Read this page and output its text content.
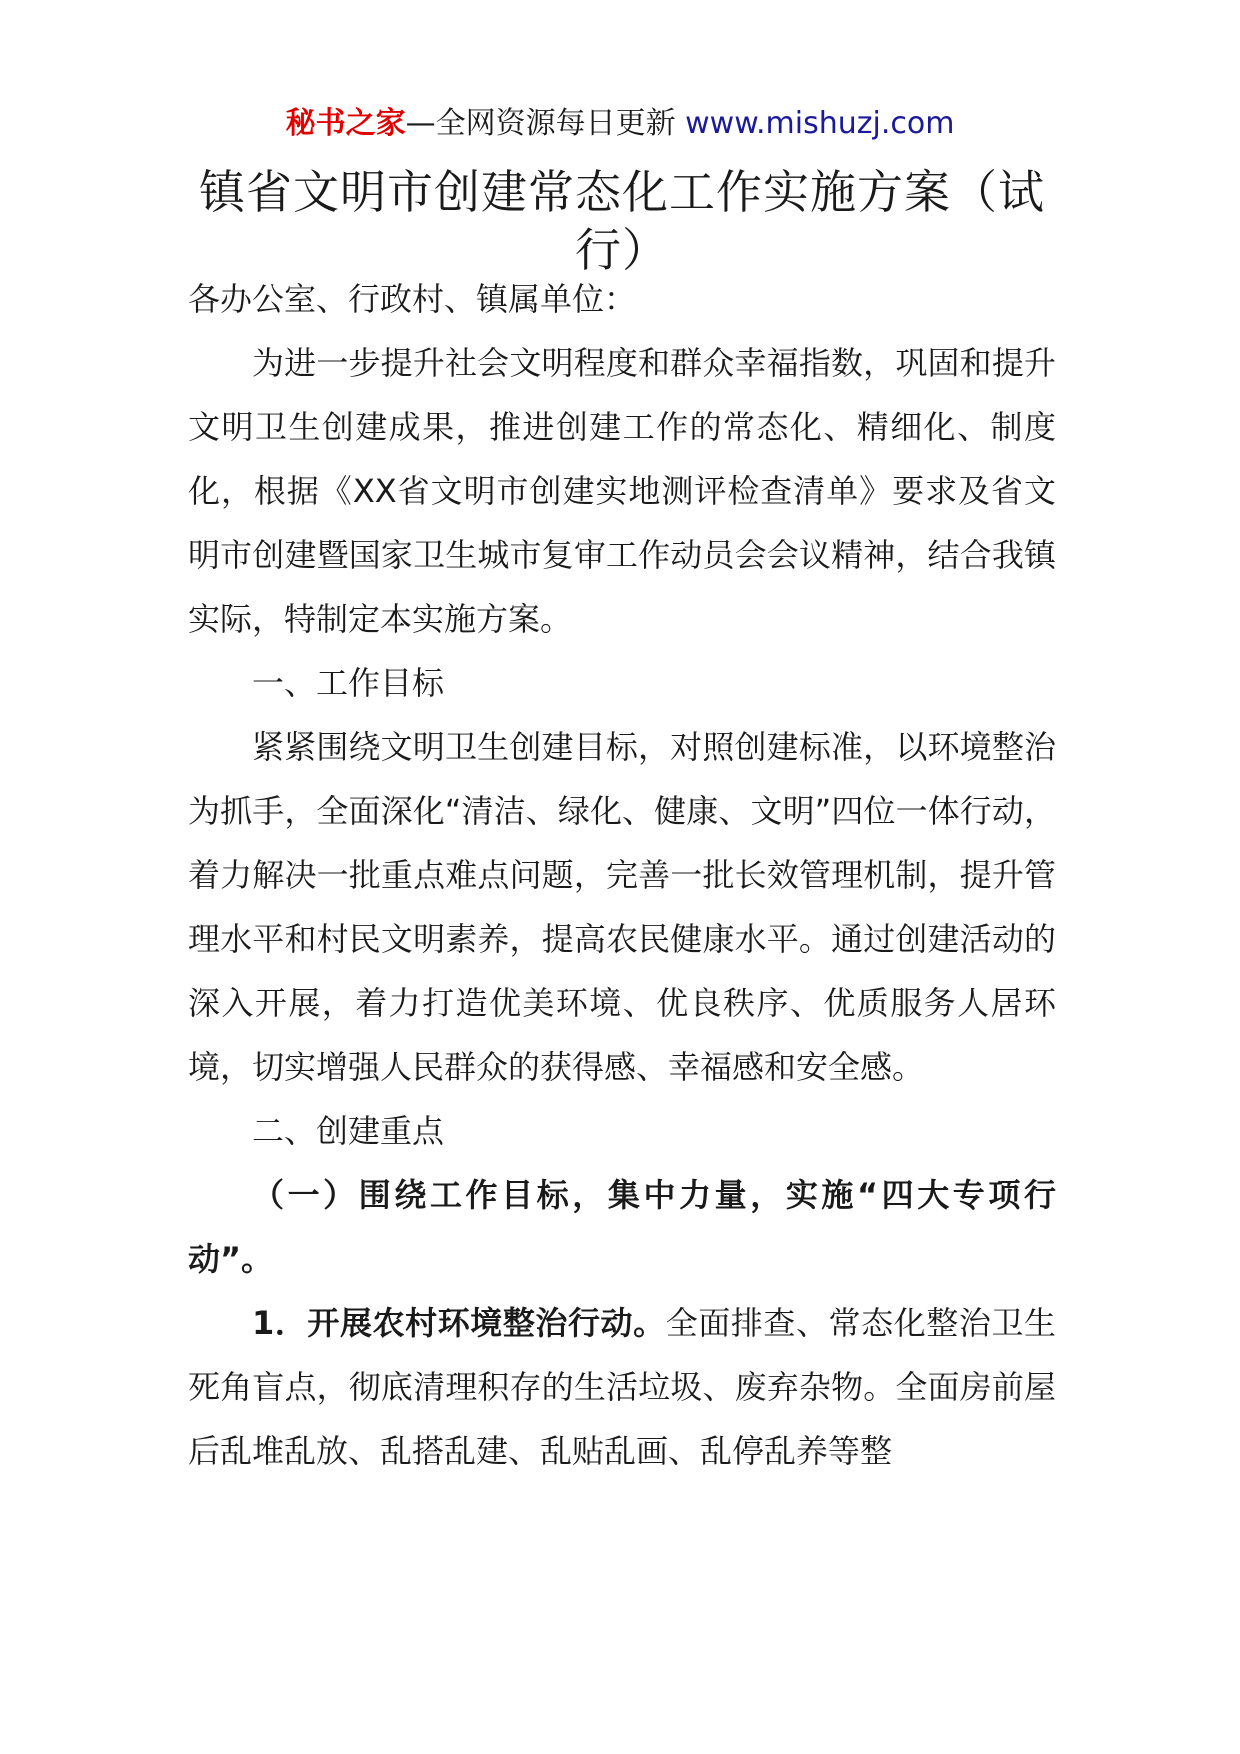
秘书之家—全网资源每日更新 www.mishuzj.com
镇省文明市创建常态化工作实施方案（试行）

各办公室、行政村、镇属单位：

为进一步提升社会文明程度和群众幸福指数，巩固和提升文明卫生创建成果，推进创建工作的常态化、精细化、制度化，根据《XX省文明市创建实地测评检查清单》要求及省文明市创建暨国家卫生城市复审工作动员会会议精神，结合我镇实际，特制定本实施方案。

一、工作目标

紧紧围绕文明卫生创建目标，对照创建标准，以环境整治为抓手，全面深化“清洁、绿化、健康、文明”四位一体行动，着力解决一批重点难点问题，完善一批长效管理机制，提升管理水平和村民文明素养，提高农民健康水平。通过创建活动的深入开展，着力打造优美环境、优良秩序、优质服务人居环境，切实增强人民群众的获得感、幸福感和安全感。

二、创建重点

（一）围绕工作目标，集中力量，实施“四大专项行动”。

1．开展农村环境整治行动。全面排查、常态化整治卫生死角盲点，彻底清理积存的生活垃圾、废弃杂物。全面房前屋后乱堆乱放、乱搭乱建、乱贴乱画、乱停乱养等整
